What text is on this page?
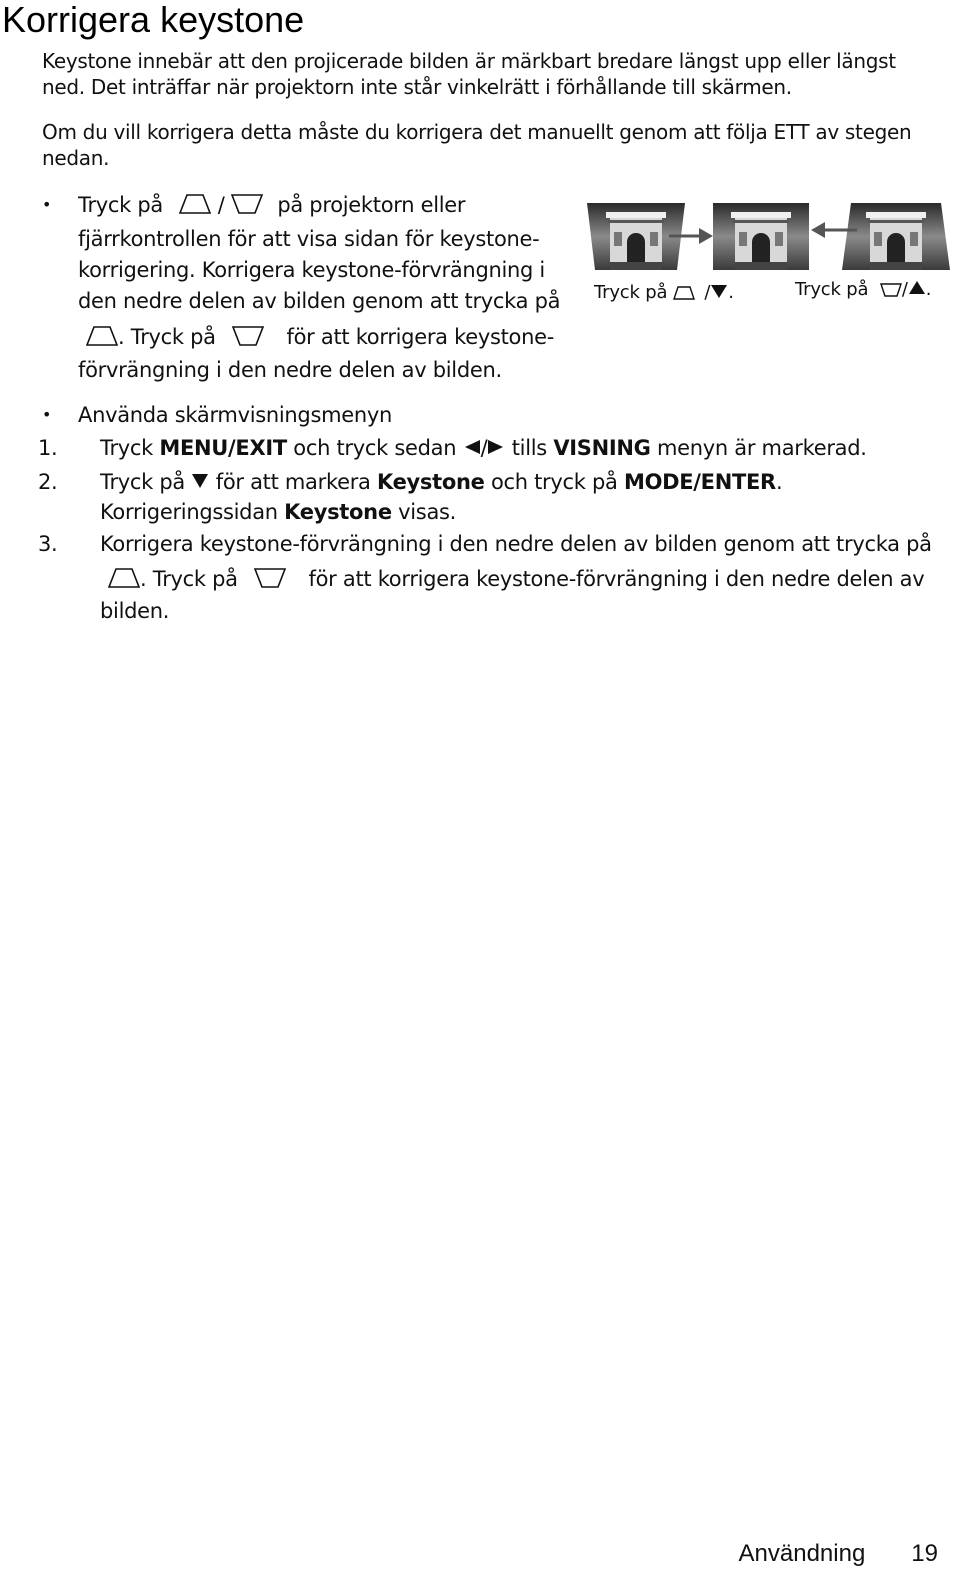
Korrigera keystone
Keystone innebär att den projicerade bilden är märkbart bredare längst upp eller längst
ned. Det inträffar när projektorn inte står vinkelrätt i förhållande till skärmen.
Om du vill korrigera detta måste du korrigera det manuellt genom att följa ETT av stegen
nedan.
• Tryck på	/	på projektorn eller
fjärrkontrollen för att visa sidan för keystone-
korrigering. Korrigera keystone-förvrängning i
den nedre delen av bilden genom att trycka på
. Tryck på	för att korrigera keystone-
förvrängning i den nedre delen av bilden.
Tryck på / .	Tryck på / .
• Använda skärmvisningsmenyn
1. Tryck MENU/EXIT och tryck sedan / tills VISNING menyn är markerad.
2. Tryck på  för att markera Keystone och tryck på MODE/ENTER.
Korrigeringssidan Keystone visas.
3. Korrigera keystone-förvrängning i den nedre delen av bilden genom att trycka på
. Tryck på	för att korrigera keystone-förvrängning i den nedre delen av
bilden.
Användning 19
